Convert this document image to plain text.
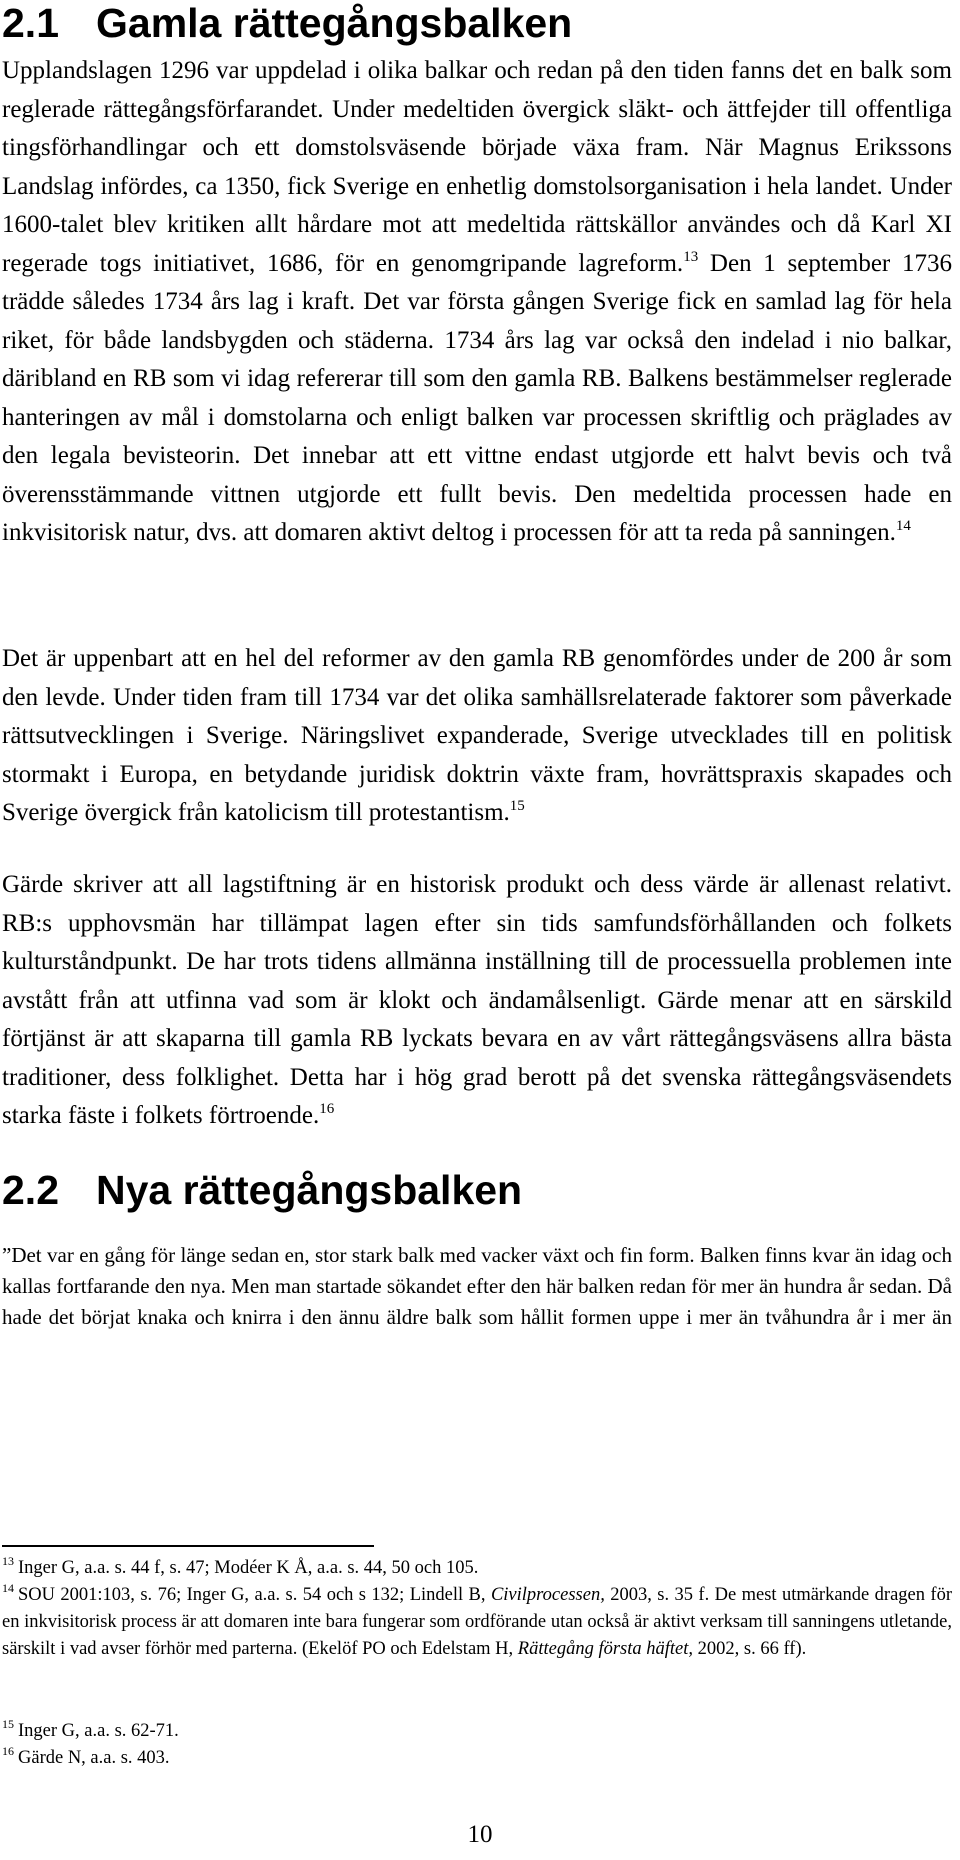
2.1 Gamla rättegångsbalken

Upplandslagen 1296 var uppdelad i olika balkar och redan på den tiden fanns det en balk som reglerade rättegångsförfarandet. Under medeltiden övergick släkt- och ättfejder till offentliga tingsförhandlingar och ett domstolsväsende började växa fram. När Magnus Erikssons Landslag infördes, ca 1350, fick Sverige en enhetlig domstolsorganisation i hela landet. Under 1600-talet blev kritiken allt hårdare mot att medeltida rättskällor användes och då Karl XI regerade togs initiativet, 1686, för en genomgripande lagreform.$^{13}$ Den 1 september 1736 trädde således 1734 års lag i kraft. Det var första gången Sverige fick en samlad lag för hela riket, för både landsbygden och städerna. 1734 års lag var också den indelad i nio balkar, däribland en RB som vi idag refererar till som den gamla RB. Balkens bestämmelser reglerade hanteringen av mål i domstolarna och enligt balken var processen skriftlig och präglades av den legala bevisteorin. Det innebar att ett vittne endast utgjorde ett halvt bevis och två överensstämmande vittnen utgjorde ett fullt bevis. Den medeltida processen hade en inkvisitorisk natur, dvs. att domaren aktivt deltog i processen för att ta reda på sanningen.$^{14}$

Det är uppenbart att en hel del reformer av den gamla RB genomfördes under de 200 år som den levde. Under tiden fram till 1734 var det olika samhällsrelaterade faktorer som påverkade rättsutvecklingen i Sverige. Näringslivet expanderade, Sverige utvecklades till en politisk stormakt i Europa, en betydande juridisk doktrin växte fram, hovrättspraxis skapades och Sverige övergick från katolicism till protestantism.$^{15}$

Gärde skriver att all lagstiftning är en historisk produkt och dess värde är allenast relativt. RB:s upphovsmän har tillämpat lagen efter sin tids samfundsförhållanden och folkets kulturståndpunkt. De har trots tidens allmänna inställning till de processuella problemen inte avstått från att utfinna vad som är klokt och ändamålsenligt. Gärde menar att en särskild förtjänst är att skaparna till gamla RB lyckats bevara en av vårt rättegångsväsens allra bästa traditioner, dess folklighet. Detta har i hög grad berott på det svenska rättegångsväsendets starka fäste i folkets förtroende.$^{16}$

2.2 Nya rättegångsbalken

”Det var en gång för länge sedan en, stor stark balk med vacker växt och fin form. Balken finns kvar än idag och kallas fortfarande den nya. Men man startade sökandet efter den här balken redan för mer än hundra år sedan. Då hade det börjat knaka och knirra i den ännu äldre balk som hållit formen uppe i mer än tvåhundra år i mer än

$^{13}$ Inger G, a.a. s. 44 f, s. 47; Modéer K Å, a.a. s. 44, 50 och 105.

$^{14}$ SOU 2001:103, s. 76; Inger G, a.a. s. 54 och s 132; Lindell B, Civilprocessen, 2003, s. 35 f. De mest utmärkande dragen för en inkvisitorisk process är att domaren inte bara fungerar som ordförande utan också är aktivt verksam till sanningens utletande, särskilt i vad avser förhör med parterna. (Ekelöf PO och Edelstam H, Rättegång första häftet, 2002, s. 66 ff).

$^{15}$ Inger G, a.a. s. 62-71.

$^{16}$ Gärde N, a.a. s. 403.

10
